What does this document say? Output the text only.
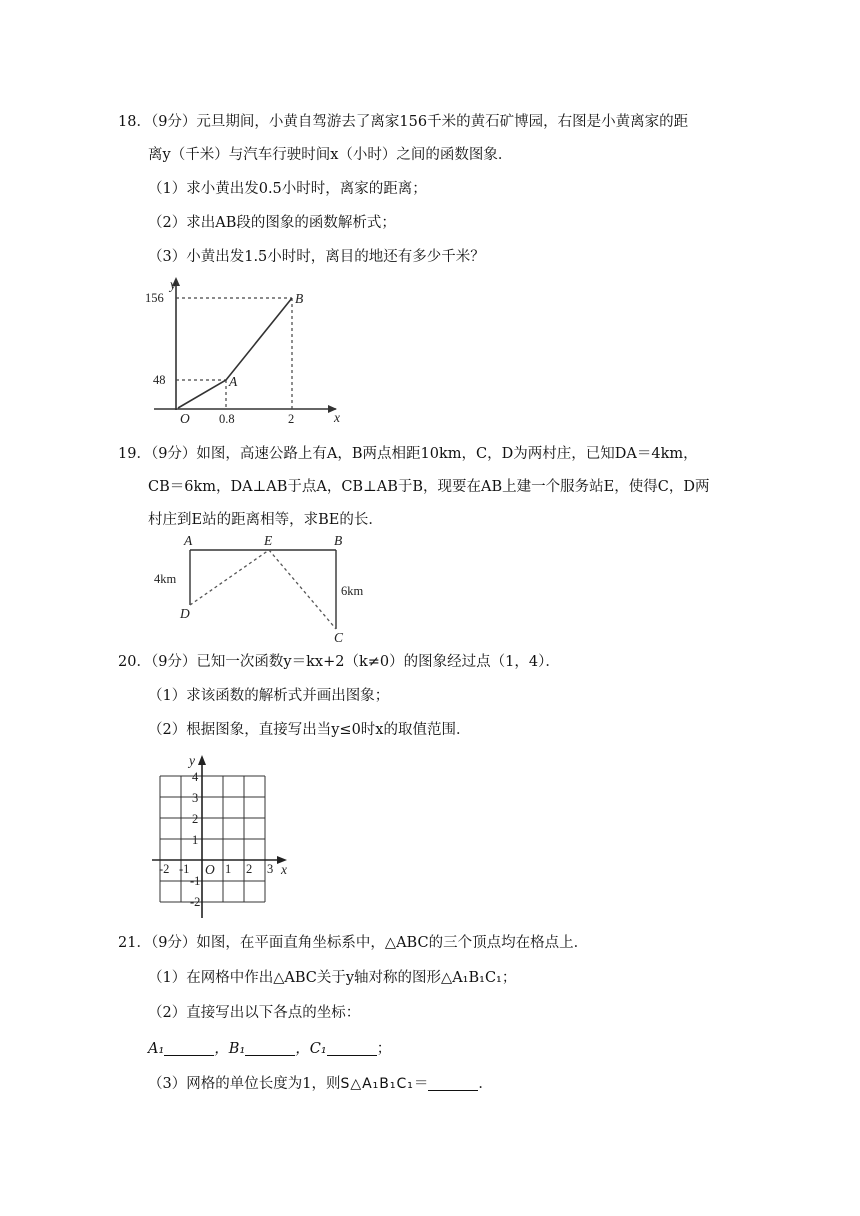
18．（9分）元旦期间，小黄自驾游去了离家156千米的黄石矿博园，右图是小黄离家的距
离y（千米）与汽车行驶时间x（小时）之间的函数图象．
（1）求小黄出发0.5小时时，离家的距离；
（2）求出AB段的图象的函数解析式；
（3）小黄出发1.5小时时，离目的地还有多少千米？
y
x
O
156
48
0.8	2
A
B
19．（9分）如图，高速公路上有A，B两点相距10km，C，D为两村庄，已知DA＝4km，
CB＝6km，DA⊥AB于点A，CB⊥AB于B，现要在AB上建一个服务站E，使得C，D两
村庄到E站的距离相等，求BE的长．
A	E	B
D
C
4km
6km
20．（9分）已知一次函数y＝kx+2（k≠0）的图象经过点（1，4）．
（1）求该函数的解析式并画出图象；
（2）根据图象，直接写出当y≤0时x的取值范围．
y
x
O
4
3
2
1
-1
-2
-2 -1	1 2 3
21．（9分）如图，在平面直角坐标系中，△ABC的三个顶点均在格点上．
（1）在网格中作出△ABC关于y轴对称的图形△A₁B₁C₁；
（2）直接写出以下各点的坐标：
A₁	，B₁	，C₁	；
（3）网格的单位长度为1，则S△A₁B₁C₁＝	．
